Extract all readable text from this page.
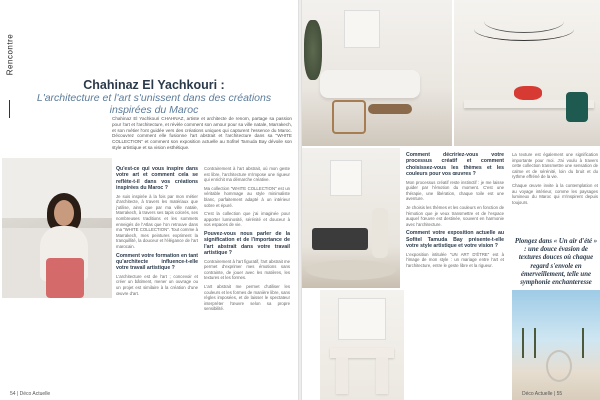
Rencontre
Chahinaz El Yachkouri :
L'architecture et l'art s'unissent dans des créations inspirées du Maroc
Chahinaz El Yachkouri CHAHNAZ, artiste et architecte de renom, partage sa passion pour l'art et l'architecture, et révèle comment son amour pour sa ville natale, Marrakech, et son métier l'ont guidée vers des créations uniques qui capturent l'essence du Maroc. Découvrez comment elle fusionne l'art abstrait et l'architecture dans sa "WHITE COLLECTION" et comment son exposition actuelle au Sofitel Tamuda Bay dévoile son style artistique et sa vision esthétique.
Qu'est-ce qui vous inspire dans votre art et comment cela se reflète-t-il dans vos créations inspirées du Maroc ?

Je suis inspirée à la fois par mon métier d'architecte, à travers les matériaux que j'utilise, ainsi que par ma ville natale, Marrakech, à travers ses tapis colorés, ses nombreuses traditions et les sommets enneigés de l'Atlas que l'on retrouve dans ma "WHITE COLLECTION". Tout comme à Marrakech, mes peintures expriment la tranquillité, la douceur et l'élégance de l'art marocain.

Comment votre formation en tant qu'architecte influence-t-elle votre travail artistique ?

L'architecture est de l'art ; concevoir et créer un bâtiment, mener un ouvrage ou un projet est similaire à la création d'une œuvre d'art.

Contrairement à l'art abstrait, où mon geste est libre, l'architecture m'impose une rigueur qui enrichit ma démarche créative.

Ma collection "WHITE COLLECTION" est un véritable hommage au style minimaliste blanc, parfaitement adapté à un intérieur sobre et épuré.

C'est la collection que j'ai imaginée pour apporter luminosité, sérénité et douceur à vos espaces de vie.

Pouvez-vous nous parler de la signification et de l'importance de l'art abstrait dans votre travail artistique ?

Contrairement à l'art figuratif, l'art abstrait me permet d'exprimer mes émotions sans contrainte, de jouer avec les matières, les textures et les formes.

L'art abstrait me permet d'utiliser les couleurs et les formes de manière libre, sans règles imposées, et de laisser le spectateur interpréter l'œuvre selon sa propre sensibilité.

54 | Déco Actuelle
Comment décririez-vous votre processus créatif et comment choisissez-vous les thèmes et les couleurs pour vos œuvres ?

Mon processus créatif reste instinctif : je me laisse guider par l'émotion du moment. C'est une thérapie, une libération, chaque toile est une aventure.

Je choisis les thèmes et les couleurs en fonction de l'émotion que je veux transmettre et de l'espace auquel l'œuvre est destinée, souvent en harmonie avec l'architecture.

Comment votre exposition actuelle au Sofitel Tamuda Bay présente-t-elle votre style artistique et votre vision ?

L'exposition intitulée "UN ART D'ÊTRE" est à l'image de mon style : un mariage entre l'art et l'architecture, entre le geste libre et la rigueur.

La texture est également une signification importante pour moi. J'ai voulu à travers cette collection transmettre une sensation de calme et de sérénité, loin du bruit et du rythme effréné de la vie.

Chaque œuvre invite à la contemplation et au voyage intérieur, comme les paysages lumineux du Maroc qui m'inspirent depuis toujours.

Plongez dans « Un air d'été » : une douce évasion de textures douces où chaque regard s'envole en émerveillement, telle une symphonie enchanteresse
Déco Actuelle | 55
